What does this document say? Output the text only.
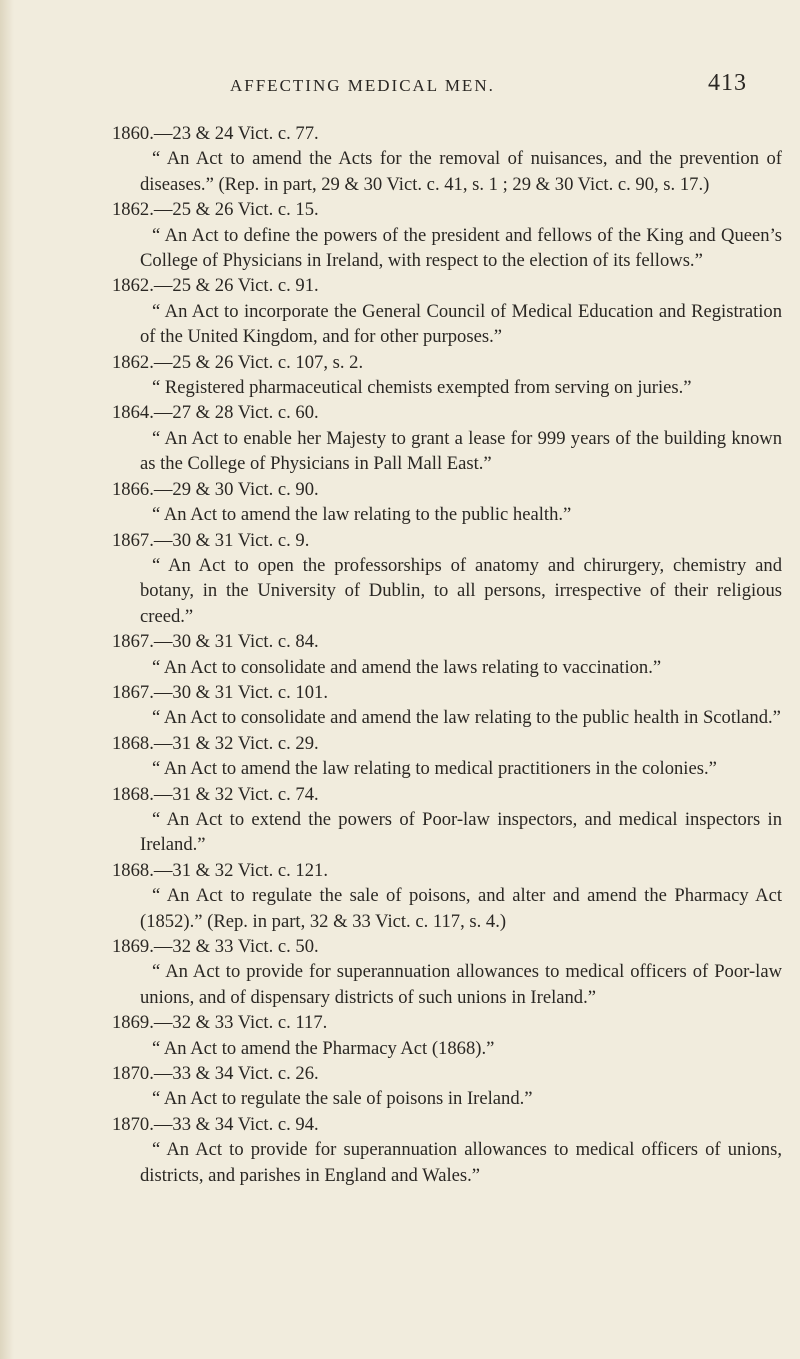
AFFECTING MEDICAL MEN.	413

1860.—23 & 24 Vict. c. 77.

“ An Act to amend the Acts for the removal of nuisances, and the prevention of diseases.” (Rep. in part, 29 & 30 Vict. c. 41, s. 1 ; 29 & 30 Vict. c. 90, s. 17.)

1862.—25 & 26 Vict. c. 15.

“ An Act to define the powers of the president and fellows of the King and Queen’s College of Physicians in Ireland, with respect to the election of its fellows.”

1862.—25 & 26 Vict. c. 91.

“ An Act to incorporate the General Council of Medical Education and Registration of the United Kingdom, and for other purposes.”

1862.—25 & 26 Vict. c. 107, s. 2.

“ Registered pharmaceutical chemists exempted from serving on juries.”

1864.—27 & 28 Vict. c. 60.

“ An Act to enable her Majesty to grant a lease for 999 years of the building known as the College of Physicians in Pall Mall East.”

1866.—29 & 30 Vict. c. 90.

“ An Act to amend the law relating to the public health.”

1867.—30 & 31 Vict. c. 9.

“ An Act to open the professorships of anatomy and chirurgery, chemistry and botany, in the University of Dublin, to all persons, irrespective of their religious creed.”

1867.—30 & 31 Vict. c. 84.

“ An Act to consolidate and amend the laws relating to vaccination.”

1867.—30 & 31 Vict. c. 101.

“ An Act to consolidate and amend the law relating to the public health in Scotland.”

1868.—31 & 32 Vict. c. 29.

“ An Act to amend the law relating to medical practitioners in the colonies.”

1868.—31 & 32 Vict. c. 74.

“ An Act to extend the powers of Poor-law inspectors, and medical inspectors in Ireland.”

1868.—31 & 32 Vict. c. 121.

“ An Act to regulate the sale of poisons, and alter and amend the Pharmacy Act (1852).” (Rep. in part, 32 & 33 Vict. c. 117, s. 4.)

1869.—32 & 33 Vict. c. 50.

“ An Act to provide for superannuation allowances to medical officers of Poor-law unions, and of dispensary districts of such unions in Ireland.”

1869.—32 & 33 Vict. c. 117.

“ An Act to amend the Pharmacy Act (1868).”

1870.—33 & 34 Vict. c. 26.

“ An Act to regulate the sale of poisons in Ireland.”

1870.—33 & 34 Vict. c. 94.

“ An Act to provide for superannuation allowances to medical officers of unions, districts, and parishes in England and Wales.”
